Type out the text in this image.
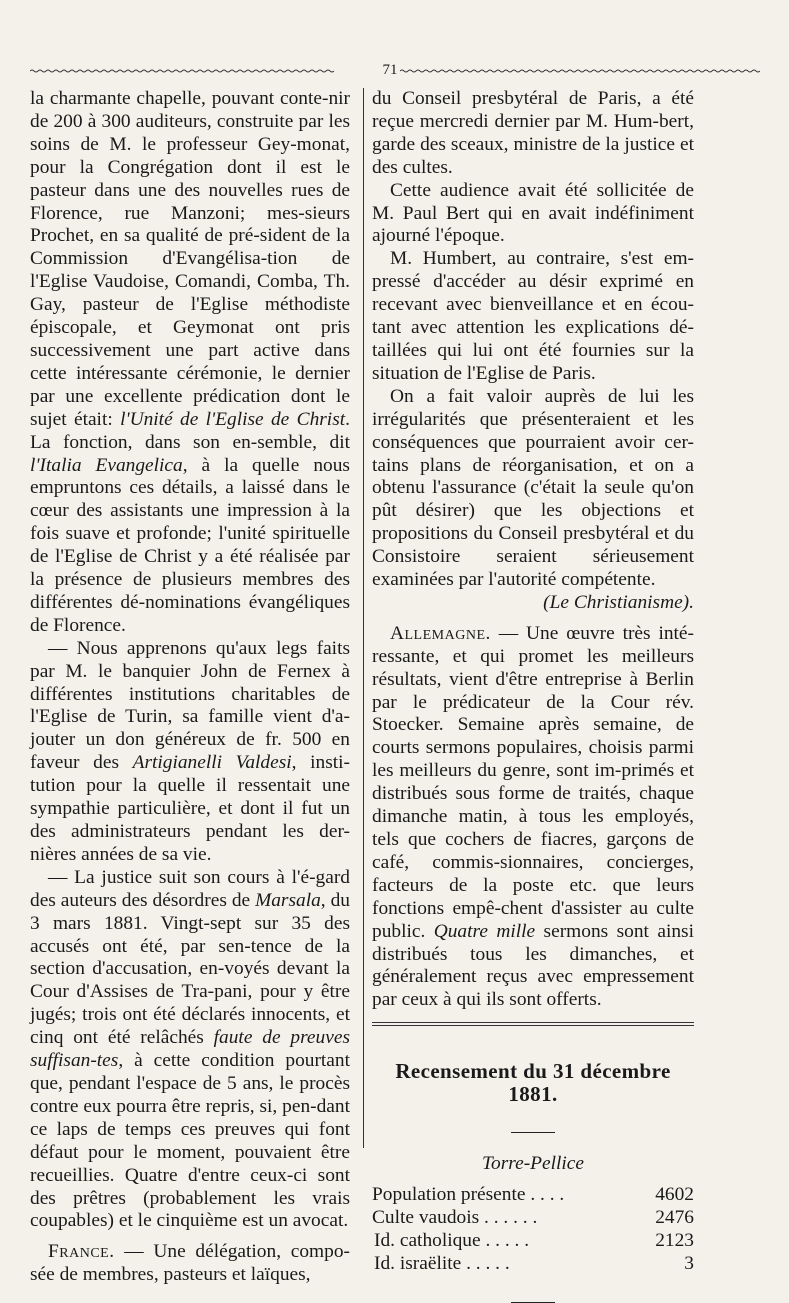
71

la charmante chapelle, pouvant conte-nir de 200 à 300 auditeurs, construite par les soins de M. le professeur Gey-monat, pour la Congrégation dont il est le pasteur dans une des nouvelles rues de Florence, rue Manzoni; mes-sieurs Prochet, en sa qualité de pré-sident de la Commission d'Evangélisa-tion de l'Eglise Vaudoise, Comandi, Comba, Th. Gay, pasteur de l'Eglise méthodiste épiscopale, et Geymonat ont pris successivement une part active dans cette intéressante cérémonie, le dernier par une excellente prédication dont le sujet était: l'Unité de l'Eglise de Christ. La fonction, dans son en-semble, dit l'Italia Evangelica, à la quelle nous empruntons ces détails, a laissé dans le cœur des assistants une impression à la fois suave et profonde; l'unité spirituelle de l'Eglise de Christ y a été réalisée par la présence de plusieurs membres des différentes dé-nominations évangéliques de Florence.

— Nous apprenons qu'aux legs faits par M. le banquier John de Fernex à différentes institutions charitables de l'Eglise de Turin, sa famille vient d'a-jouter un don généreux de fr. 500 en faveur des Artigianelli Valdesi, insti-tution pour la quelle il ressentait une sympathie particulière, et dont il fut un des administrateurs pendant les der-nières années de sa vie.

— La justice suit son cours à l'é-gard des auteurs des désordres de Marsala, du 3 mars 1881. Vingt-sept sur 35 des accusés ont été, par sen-tence de la section d'accusation, en-voyés devant la Cour d'Assises de Tra-pani, pour y être jugés; trois ont été déclarés innocents, et cinq ont été relâchés faute de preuves suffisan-tes, à cette condition pourtant que, pendant l'espace de 5 ans, le procès contre eux pourra être repris, si, pen-dant ce laps de temps ces preuves qui font défaut pour le moment, pouvaient être recueillies. Quatre d'entre ceux-ci sont des prêtres (probablement les vrais coupables) et le cinquième est un avocat.

France. — Une délégation, compo-sée de membres, pasteurs et laïques,

du Conseil presbytéral de Paris, a été reçue mercredi dernier par M. Hum-bert, garde des sceaux, ministre de la justice et des cultes.

Cette audience avait été sollicitée de M. Paul Bert qui en avait indéfiniment ajourné l'époque.

M. Humbert, au contraire, s'est em-pressé d'accéder au désir exprimé en recevant avec bienveillance et en écou-tant avec attention les explications dé-taillées qui lui ont été fournies sur la situation de l'Eglise de Paris.

On a fait valoir auprès de lui les irrégularités que présenteraient et les conséquences que pourraient avoir cer-tains plans de réorganisation, et on a obtenu l'assurance (c'était la seule qu'on pût désirer) que les objections et propositions du Conseil presbytéral et du Consistoire seraient sérieusement examinées par l'autorité compétente.

(Le Christianisme).

Allemagne. — Une œuvre très inté-ressante, et qui promet les meilleurs résultats, vient d'être entreprise à Berlin par le prédicateur de la Cour rév. Stoecker. Semaine après semaine, de courts sermons populaires, choisis parmi les meilleurs du genre, sont im-primés et distribués sous forme de traités, chaque dimanche matin, à tous les employés, tels que cochers de fiacres, garçons de café, commis-sionnaires, concierges, facteurs de la poste etc. que leurs fonctions empê-chent d'assister au culte public. Quatre mille sermons sont ainsi distribués tous les dimanches, et généralement reçus avec empressement par ceux à qui ils sont offerts.

Recensement du 31 décembre 1881.
Torre-Pellice
Population présente . . . .	4602
Culte vaudois . . . . . .	2476
Id. catholique . . . . .	2123
Id. israëlite . . . . .	3
